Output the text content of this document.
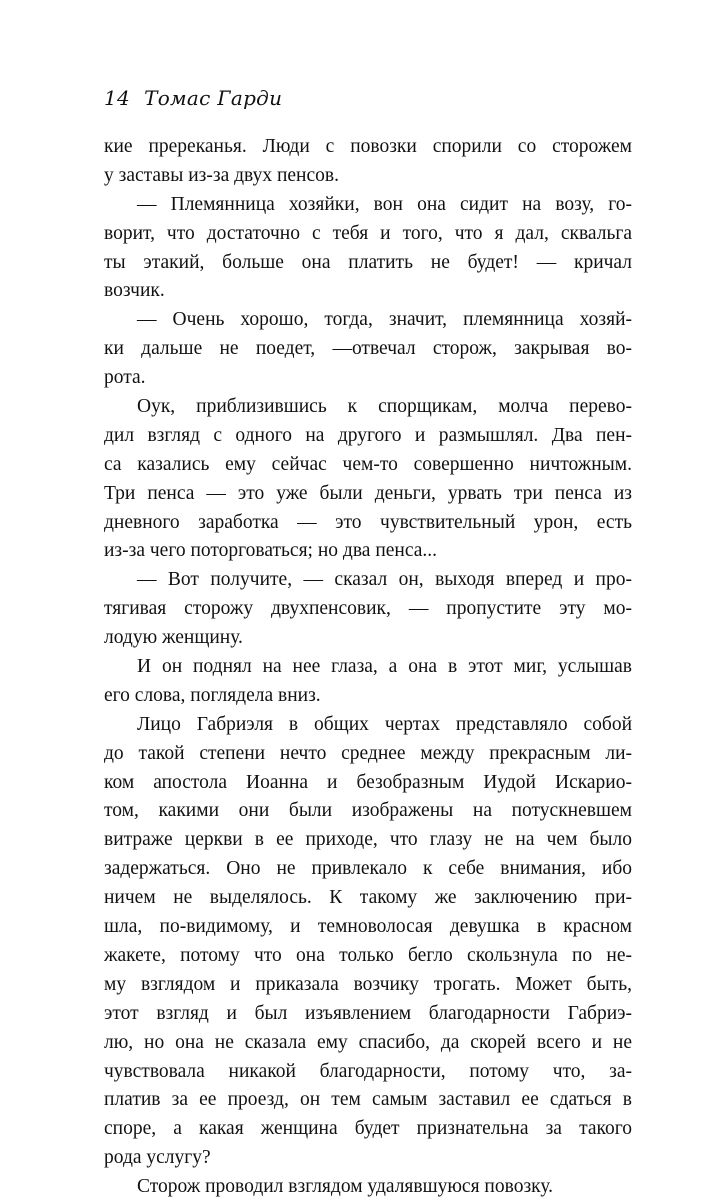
14 Томас Гарди
кие пререканья. Люди с повозки спорили со сторожем
у заставы из-за двух пенсов.
— Племянница хозяйки, вон она сидит на возу, го-
ворит, что достаточно с тебя и того, что я дал, сквальга
ты этакий, больше она платить не будет! — кричал
возчик.
— Очень хорошо, тогда, значит, племянница хозяй-
ки дальше не поедет, —отвечал сторож, закрывая во-
рота.
Оук, приблизившись к спорщикам, молча перево-
дил взгляд с одного на другого и размышлял. Два пен-
са казались ему сейчас чем-то совершенно ничтожным.
Три пенса — это уже были деньги, урвать три пенса из
дневного заработка — это чувствительный урон, есть
из-за чего поторговаться; но два пенса...
— Вот получите, — сказал он, выходя вперед и про-
тягивая сторожу двухпенсовик, — пропустите эту мо-
лодую женщину.
И он поднял на нее глаза, а она в этот миг, услышав
его слова, поглядела вниз.
Лицо Габриэля в общих чертах представляло собой
до такой степени нечто среднее между прекрасным ли-
ком апостола Иоанна и безобразным Иудой Искарио-
том, какими они были изображены на потускневшем
витраже церкви в ее приходе, что глазу не на чем было
задержаться. Оно не привлекало к себе внимания, ибо
ничем не выделялось. К такому же заключению при-
шла, по-видимому, и темноволосая девушка в красном
жакете, потому что она только бегло скользнула по не-
му взглядом и приказала возчику трогать. Может быть,
этот взгляд и был изъявлением благодарности Габриэ-
лю, но она не сказала ему спасибо, да скорей всего и не
чувствовала никакой благодарности, потому что, за-
платив за ее проезд, он тем самым заставил ее сдаться в
споре, а какая женщина будет признательна за такого
рода услугу?
Сторож проводил взглядом удалявшуюся повозку.
